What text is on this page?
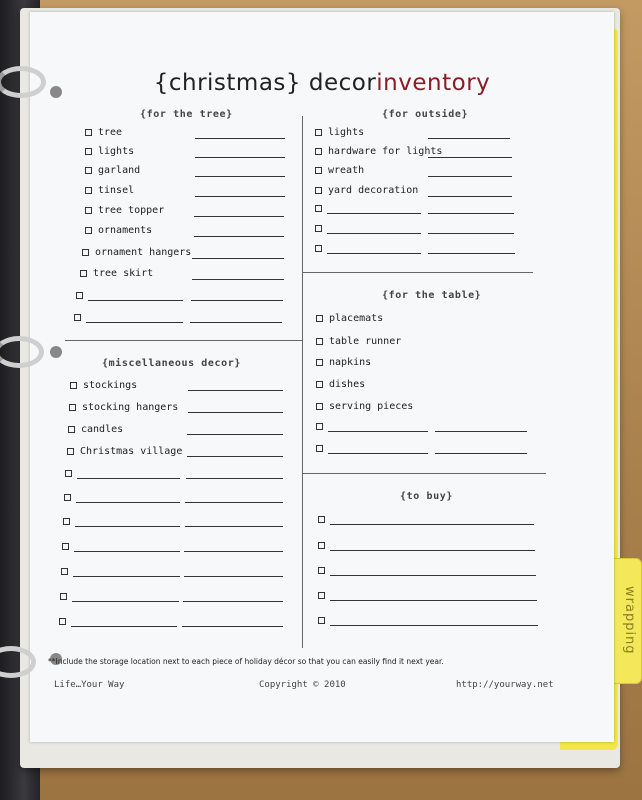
wrapping
{christmas} decorinventory
{for the tree}	{for outside}
{for the table}
{miscellaneous decor}
{to buy}
tree
lights
garland
tinsel
tree topper
ornaments
ornament hangers
tree skirt
lights
hardware for lights
wreath
yard decoration
placemats
table runner
napkins
dishes
serving pieces
stockings
stocking hangers
candles
Christmas village
**Include the storage location next to each piece of holiday décor so that you can easily find it next year.
Life…Your Way	Copyright © 2010	http://yourway.net
